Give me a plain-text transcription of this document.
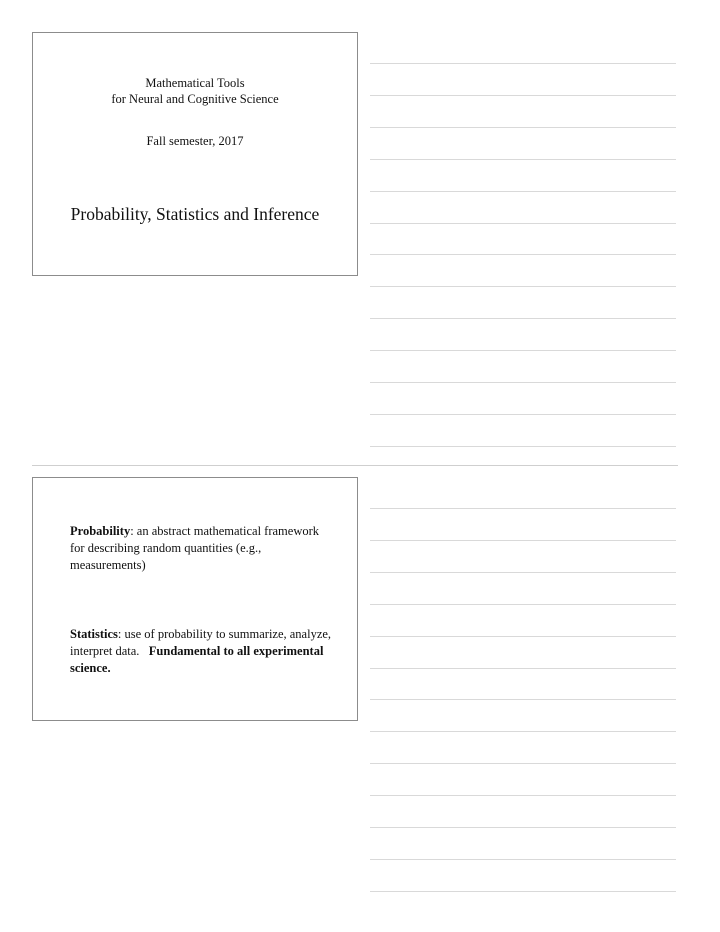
Mathematical Tools
for Neural and Cognitive Science
Fall semester, 2017
Probability, Statistics and Inference
Probability: an abstract mathematical framework for describing random quantities (e.g., measurements)
Statistics: use of probability to summarize, analyze, interpret data. Fundamental to all experimental science.
